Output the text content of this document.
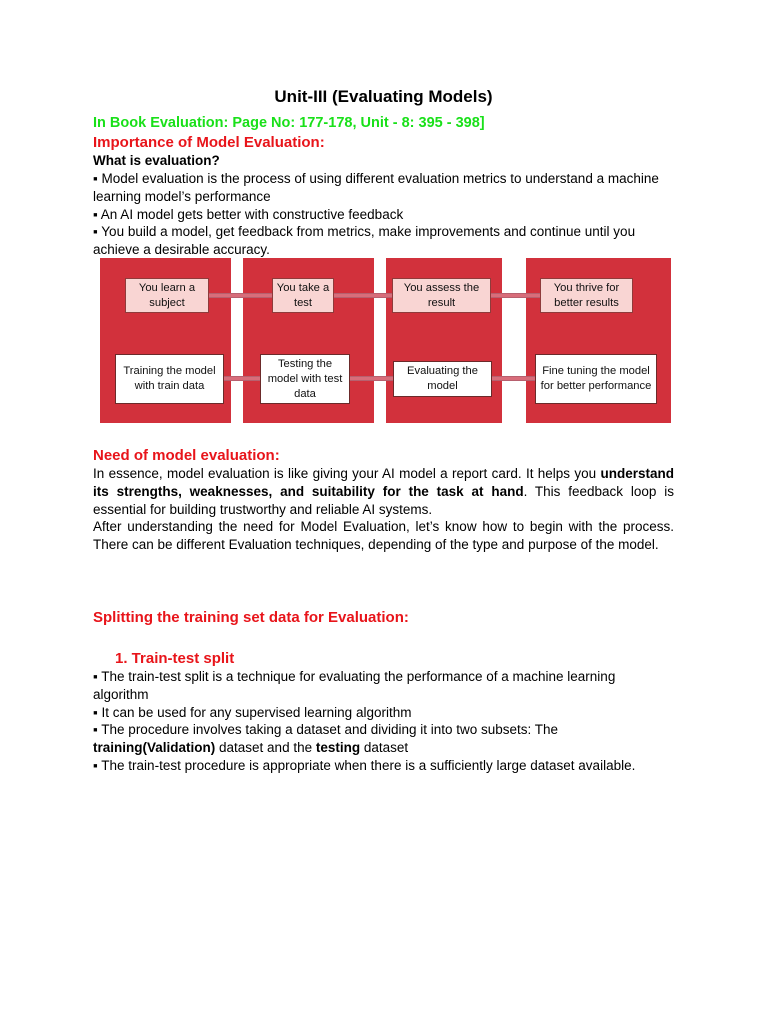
Unit-III (Evaluating Models)
In Book Evaluation: Page No: 177-178, Unit - 8: 395 - 398]
Importance of Model Evaluation:
What is evaluation?
▪ Model evaluation is the process of using different evaluation metrics to understand a machine learning model’s performance
▪ An AI model gets better with constructive feedback
▪ You build a model, get feedback from metrics, make improvements and continue until you achieve a desirable accuracy.
You learn a subject
You take a test
You assess the result
You thrive for better results
Training the model with train data
Testing the model with test data
Evaluating the model
Fine tuning the model for better performance
Need of model evaluation:
In essence, model evaluation is like giving your AI model a report card. It helps you understand its strengths, weaknesses, and suitability for the task at hand. This feedback loop is essential for building trustworthy and reliable AI systems.
After understanding the need for Model Evaluation, let’s know how to begin with the process. There can be different Evaluation techniques, depending of the type and purpose of the model.
Splitting the training set data for Evaluation:
1. Train-test split
▪ The train-test split is a technique for evaluating the performance of a machine learning algorithm
▪ It can be used for any supervised learning algorithm
▪ The procedure involves taking a dataset and dividing it into two subsets: The
training(Validation) dataset and the testing dataset
▪ The train-test procedure is appropriate when there is a sufficiently large dataset available.
